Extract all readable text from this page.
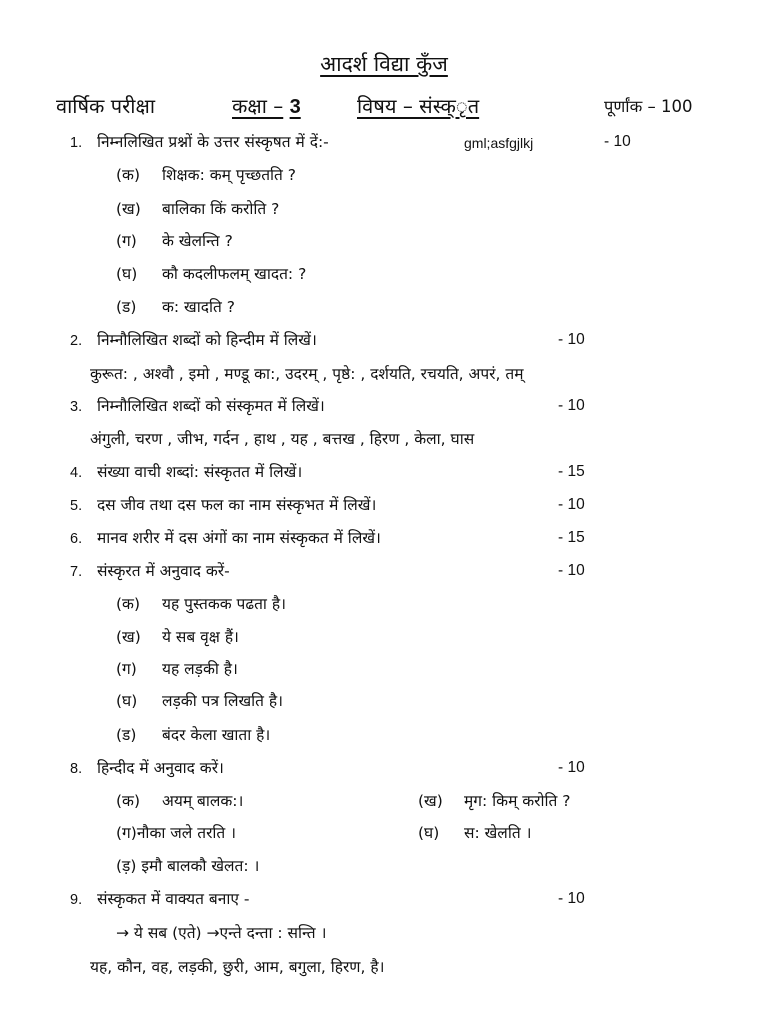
आदर्श विद्या कुँज
वार्षिक परीक्षा	कक्षा – 3	विषय – संस्क्ृत	पूर्णांक – 100
1. निम्नलिखित प्रश्नों के उत्तर संस्कृषत में दें:-	gml;asfgjlkj	- 10
(क) शिक्षक: कम् पृच्छतति ?
(ख) बालिका किं करोति ?
(ग) के खेलन्ति ?
(घ) कौ कदलीफलम् खादत: ?
(ड) क: खादति ?
2. निम्नौलिखित शब्दों को हिन्दीम में लिखें।	- 10
कुरूत: , अश्वौ , इमो , मण्डू का:, उदरम् , पृष्ठे: , दर्शयति, रचयति, अपरं, तम्
3. निम्नौलिखित शब्दों को संस्कृमत में लिखें।	- 10
अंगुली, चरण , जीभ, गर्दन , हाथ , यह , बत्तख , हिरण , केला, घास
4. संख्या वाची शब्दां: संस्कृतत में लिखें।	- 15
5. दस जीव तथा दस फल का नाम संस्कृभत में लिखें।	- 10
6. मानव शरीर में दस अंगों का नाम संस्कृकत में लिखें।	- 15
7. संस्कृरत में अनुवाद करें-	- 10
(क) यह पुस्तकक पढता है।
(ख) ये सब वृक्ष हैं।
(ग) यह लड़की है।
(घ) लड़की पत्र लिखति है।
(ड) बंदर केला खाता है।
8. हिन्दीद में अनुवाद करें।	- 10
(क) अयम् बालक:।	(ख) मृग: किम् करोति ?
(ग)नौका जले तरति ।	(घ) स: खेलति ।
(ड़) इमौ बालकौ खेलत: ।
9. संस्कृकत में वाक्यत बनाए -	- 10
→ ये सब (एते) →एन्ते दन्ता : सन्ति ।
यह, कौन, वह, लड़की, छुरी, आम, बगुला, हिरण, है।
